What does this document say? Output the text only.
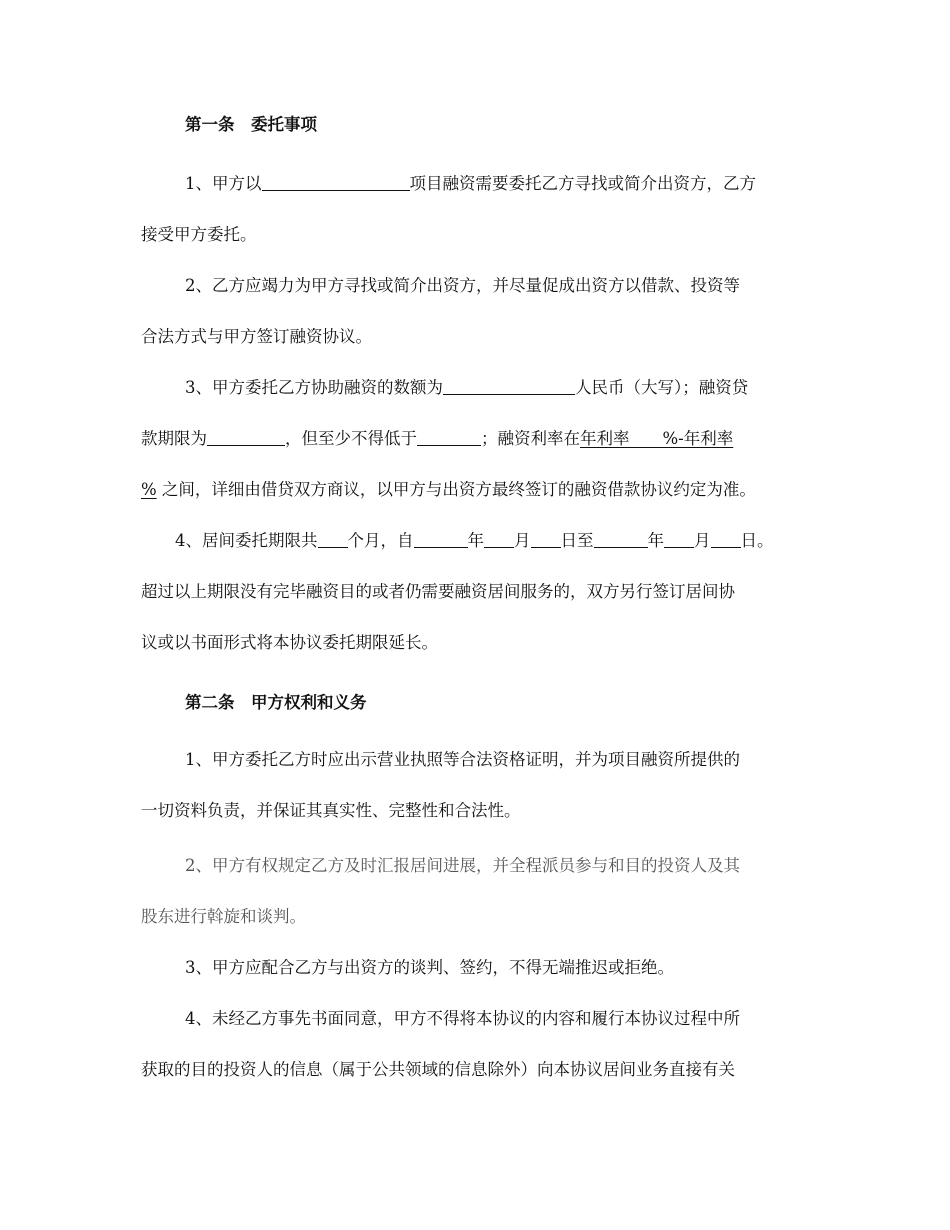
第一条　委托事项
1、甲方以	项目融资需要委托乙方寻找或简介出资方，乙方
接受甲方委托。
2、乙方应竭力为甲方寻找或简介出资方，并尽量促成出资方以借款、投资等
合法方式与甲方签订融资协议。
3、甲方委托乙方协助融资的数额为	人民币（大写）；融资贷
款期限为	，但至少不得低于	；融资利率在年利率　　%-年利率
% 之间，详细由借贷双方商议，以甲方与出资方最终签订的融资借款协议约定为准。
4、居间委托期限共 个月，自	年 月 日至	年 月 日。
超过以上期限没有完毕融资目的或者仍需要融资居间服务的，双方另行签订居间协
议或以书面形式将本协议委托期限延长。
第二条　甲方权利和义务
1、甲方委托乙方时应出示营业执照等合法资格证明，并为项目融资所提供的
一切资料负责，并保证其真实性、完整性和合法性。
2、甲方有权规定乙方及时汇报居间进展，并全程派员参与和目的投资人及其
股东进行斡旋和谈判。
3、甲方应配合乙方与出资方的谈判、签约，不得无端推迟或拒绝。
4、未经乙方事先书面同意，甲方不得将本协议的内容和履行本协议过程中所
获取的目的投资人的信息（属于公共领域的信息除外）向本协议居间业务直接有关
